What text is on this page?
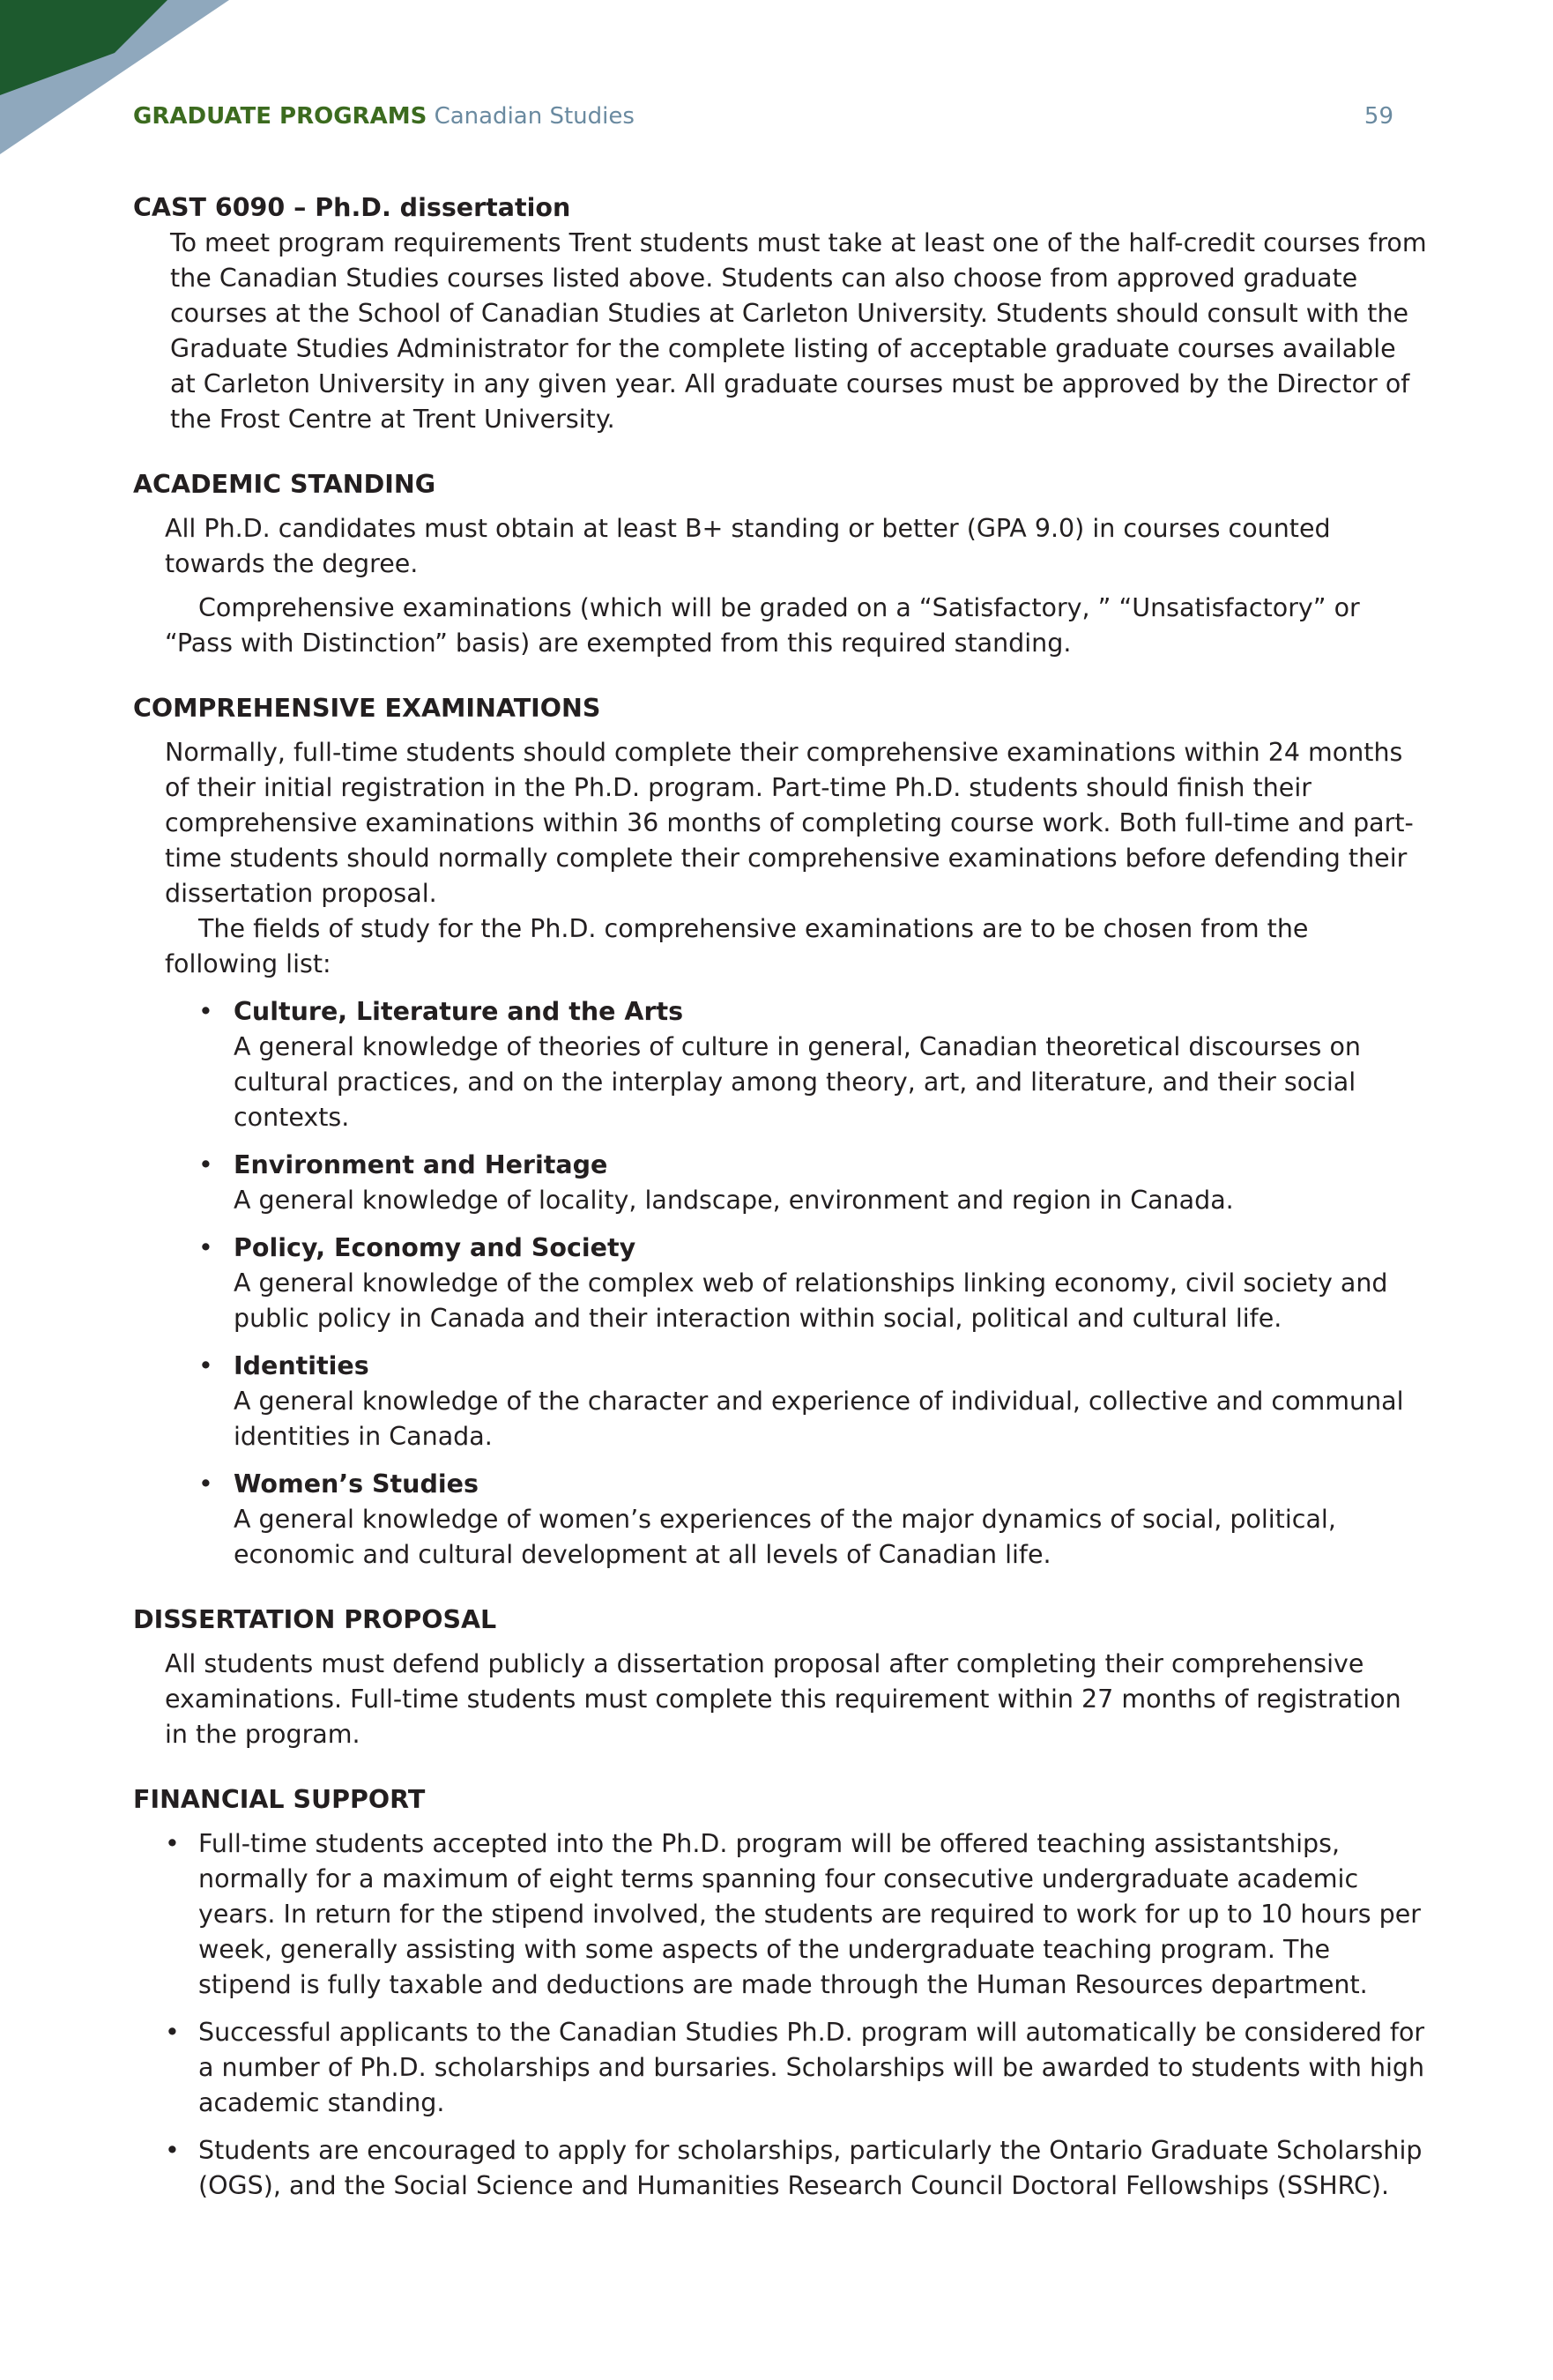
GRADUATE PROGRAMS Canadian Studies	59
CAST 6090 – Ph.D. dissertation

To meet program requirements Trent students must take at least one of the half-credit courses from the Canadian Studies courses listed above. Students can also choose from approved graduate courses at the School of Canadian Studies at Carleton University. Students should consult with the Graduate Studies Administrator for the complete listing of acceptable graduate courses available at Carleton University in any given year. All graduate courses must be approved by the Director of the Frost Centre at Trent University.

ACADEMIC STANDING

All Ph.D. candidates must obtain at least B+ standing or better (GPA 9.0) in courses counted towards the degree.

Comprehensive examinations (which will be graded on a “Satisfactory, ” “Unsatisfactory” or “Pass with Distinction” basis) are exempted from this required standing.

COMPREHENSIVE EXAMINATIONS

Normally, full-time students should complete their comprehensive examinations within 24 months of their initial registration in the Ph.D. program. Part-time Ph.D. students should finish their comprehensive examinations within 36 months of completing course work. Both full-time and part-time students should normally complete their comprehensive examinations before defending their dissertation proposal.

The fields of study for the Ph.D. comprehensive examinations are to be chosen from the following list:

• Culture, Literature and the Arts
A general knowledge of theories of culture in general, Canadian theoretical discourses on cultural practices, and on the interplay among theory, art, and literature, and their social contexts.
• Environment and Heritage
A general knowledge of locality, landscape, environment and region in Canada.
• Policy, Economy and Society
A general knowledge of the complex web of relationships linking economy, civil society and public policy in Canada and their interaction within social, political and cultural life.
• Identities
A general knowledge of the character and experience of individual, collective and communal identities in Canada.
• Women’s Studies
A general knowledge of women’s experiences of the major dynamics of social, political, economic and cultural development at all levels of Canadian life.
DISSERTATION PROPOSAL

All students must defend publicly a dissertation proposal after completing their comprehensive examinations. Full-time students must complete this requirement within 27 months of registration in the program.

FINANCIAL SUPPORT
• Full-time students accepted into the Ph.D. program will be offered teaching assistantships, normally for a maximum of eight terms spanning four consecutive undergraduate academic years. In return for the stipend involved, the students are required to work for up to 10 hours per week, generally assisting with some aspects of the undergraduate teaching program. The stipend is fully taxable and deductions are made through the Human Resources department.
• Successful applicants to the Canadian Studies Ph.D. program will automatically be considered for a number of Ph.D. scholarships and bursaries. Scholarships will be awarded to students with high academic standing.
• Students are encouraged to apply for scholarships, particularly the Ontario Graduate Scholarship (OGS), and the Social Science and Humanities Research Council Doctoral Fellowships (SSHRC).
